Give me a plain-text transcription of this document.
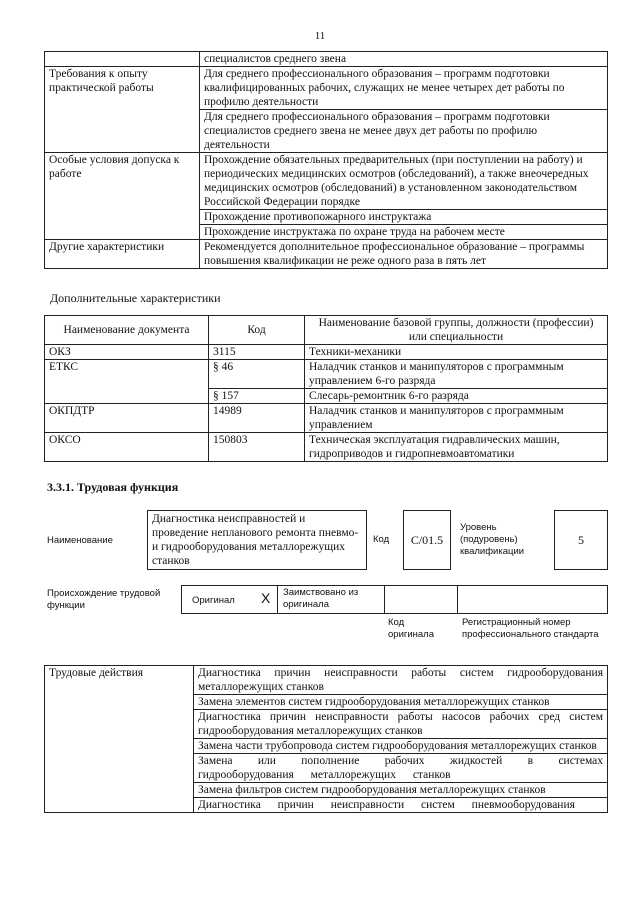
11
	специалистов среднего звена
Требования к опыту практической работы	Для среднего профессионального образования – программ подготовки квалифицированных рабочих, служащих не менее четырех дет работы по профилю деятельности
	Для среднего профессионального образования – программ подготовки специалистов среднего звена не менее двух дет работы по профилю деятельности
Особые условия допуска к работе	Прохождение обязательных предварительных (при поступлении на работу) и периодических медицинских осмотров (обследований), а также внеочередных медицинских осмотров (обследований) в установленном законодательством Российской Федерации порядке
	Прохождение противопожарного инструктажа
	Прохождение инструктажа по охране труда на рабочем месте
Другие характеристики	Рекомендуется дополнительное профессиональное образование – программы повышения квалификации не реже одного раза в пять лет
Дополнительные характеристики
Наименование документа	Код	Наименование базовой группы, должности (профессии) или специальности
ОКЗ	3115	Техники-механики
ЕТКС	§ 46	Наладчик станков и манипуляторов с программным управлением 6-го разряда
	§ 157	Слесарь-ремонтник 6-го разряда
ОКПДТР	14989	Наладчик станков и манипуляторов с программным управлением
ОКСО	150803	Техническая эксплуатация гидравлических машин, гидроприводов и гидропневмоавтоматики
3.3.1. Трудовая функция
Наименование
Диагностика неисправностей и проведение непланового ремонта пневмо- и гидрооборудования металлорежущих станков
Код	С/01.5
Уровень (подуровень) квалификации
5
Происхождение трудовой функции	Оригинал X Заимствовано из оригинала
Код оригинала
Регистрационный номер профессионального стандарта
Трудовые действия	Диагностика причин неисправности работы систем гидрооборудования металлорежущих станков
Замена элементов систем гидрооборудования металлорежущих станков
Диагностика причин неисправности работы насосов рабочих сред систем гидрооборудования металлорежущих станков
Замена части трубопровода систем гидрооборудования металлорежущих станков
Замена или пополнение рабочих жидкостей в системах гидрооборудования металлорежущих станков
Замена фильтров систем гидрооборудования металлорежущих станков
Диагностика причин неисправности систем пневмооборудования
